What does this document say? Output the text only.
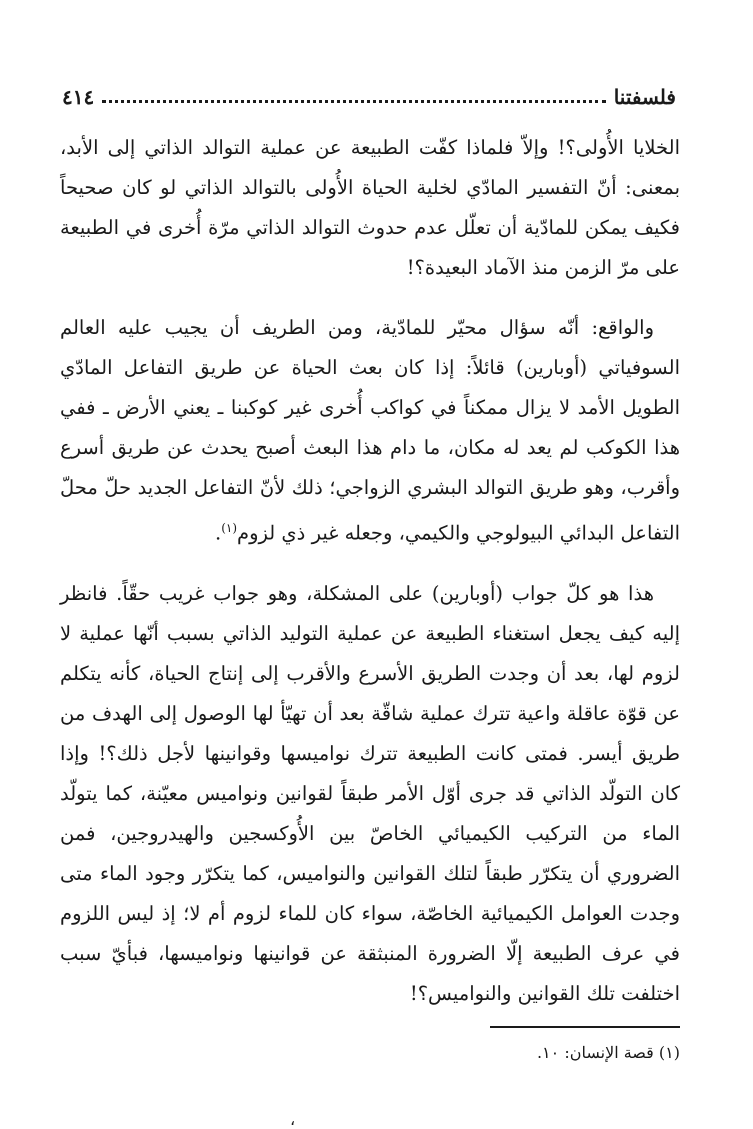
فلسفتنا
٤١٤

الخلايا الأُولى؟! وإلاّ فلماذا كفّت الطبيعة عن عملية التوالد الذاتي إلى الأبد، بمعنى: أنّ التفسير المادّي لخلية الحياة الأُولى بالتوالد الذاتي لو كان صحيحاً فكيف يمكن للمادّية أن تعلّل عدم حدوث التوالد الذاتي مرّة أُخرى في الطبيعة على مرّ الزمن منذ الآماد البعيدة؟!

والواقع: أنّه سؤال محيّر للمادّية، ومن الطريف أن يجيب عليه العالم السوفياتي (أوبارين) قائلاً: إذا كان بعث الحياة عن طريق التفاعل المادّي الطويل الأمد لا يزال ممكناً في كواكب أُخرى غير كوكبنا ـ يعني الأرض ـ ففي هذا الكوكب لم يعد له مكان، ما دام هذا البعث أصبح يحدث عن طريق أسرع وأقرب، وهو طريق التوالد البشري الزواجي؛ ذلك لأنّ التفاعل الجديد حلّ محلّ التفاعل البدائي البيولوجي والكيمي، وجعله غير ذي لزوم$^{(١)}$.

هذا هو كلّ جواب (أوبارين) على المشكلة، وهو جواب غريب حقّاً. فانظر إليه كيف يجعل استغناء الطبيعة عن عملية التوليد الذاتي بسبب أنّها عملية لا لزوم لها، بعد أن وجدت الطريق الأسرع والأقرب إلى إنتاج الحياة، كأنه يتكلم عن قوّة عاقلة واعية تترك عملية شاقّة بعد أن تهيّأ لها الوصول إلى الهدف من طريق أيسر. فمتى كانت الطبيعة تترك نواميسها وقوانينها لأجل ذلك؟! وإذا كان التولّد الذاتي قد جرى أوّل الأمر طبقاً لقوانين ونواميس معيّنة، كما يتولّد الماء من التركيب الكيميائي الخاصّ بين الأُوكسجين والهيدروجين، فمن الضروري أن يتكرّر طبقاً لتلك القوانين والنواميس، كما يتكرّر وجود الماء متى وجدت العوامل الكيميائية الخاصّة، سواء كان للماء لزوم أم لا؛ إذ ليس اللزوم في عرف الطبيعة إلّا الضرورة المنبثقة عن قوانينها ونواميسها، فبأيّ سبب اختلفت تلك القوانين والنواميس؟!

(١) قصة الإنسان: ١٠.
،
